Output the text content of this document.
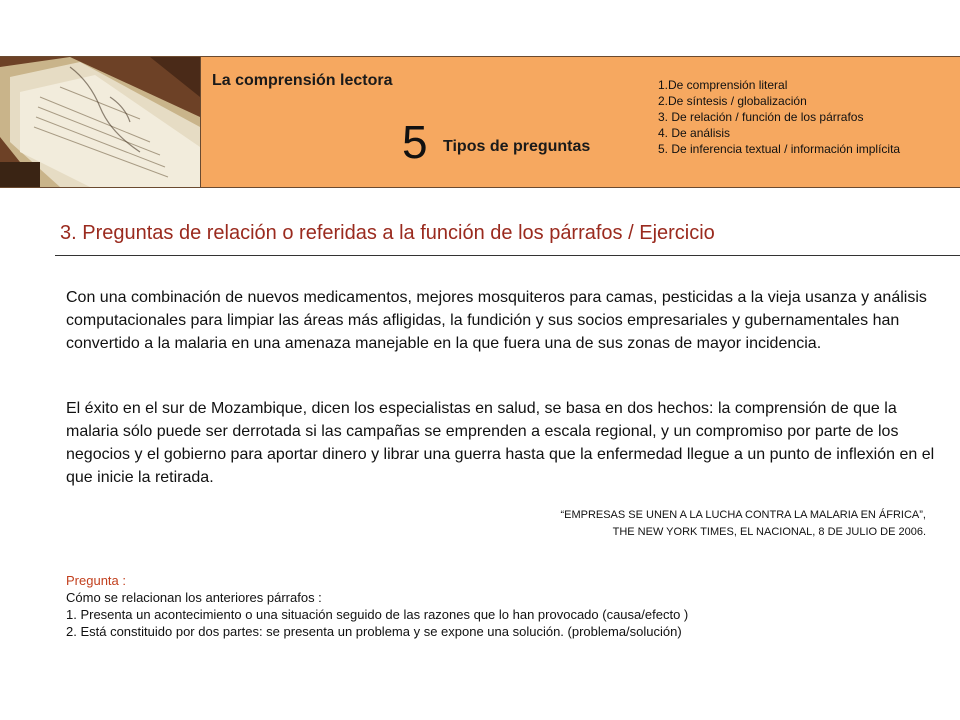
La comprensión lectora
5 Tipos de preguntas
1.De comprensión literal
2.De síntesis / globalización
3. De relación / función de los párrafos
4. De análisis
5. De inferencia textual / información implícita
3. Preguntas de relación o referidas a la función de los párrafos / Ejercicio

Con una combinación de nuevos medicamentos, mejores mosquiteros para camas, pesticidas a la vieja usanza y análisis computacionales para limpiar las áreas más afligidas, la fundición y sus socios empresariales y gubernamentales han convertido a la malaria en una amenaza manejable en la que fuera una de sus zonas de mayor incidencia.

El éxito en el sur de Mozambique, dicen los especialistas en salud, se basa en dos hechos: la comprensión de que la malaria sólo puede ser derrotada si las campañas se emprenden a escala regional, y un compromiso por parte de los negocios y el gobierno para aportar dinero y librar una guerra hasta que la enfermedad llegue a un punto de inflexión en el que inicie la retirada.

“EMPRESAS SE UNEN A LA LUCHA CONTRA LA MALARIA EN ÁFRICA”,
THE NEW YORK TIMES, EL NACIONAL, 8 DE JULIO DE 2006.
Pregunta :
Cómo se relacionan los anteriores párrafos :
1. Presenta un acontecimiento o una situación seguido de las razones que lo han provocado (causa/efecto )
2. Está constituido por dos partes: se presenta un problema y se expone una solución. (problema/solución)
